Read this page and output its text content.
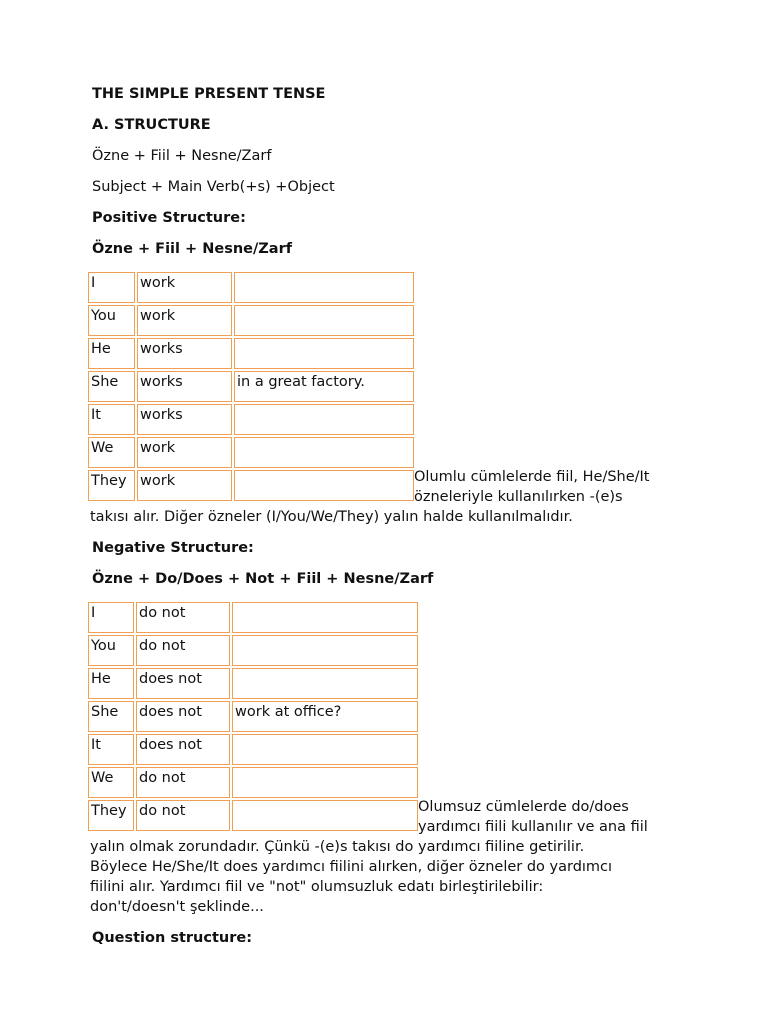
THE SIMPLE PRESENT TENSE

A. STRUCTURE

Özne + Fiil + Nesne/Zarf

Subject + Main Verb(+s) +Object

Positive Structure:

Özne + Fiil + Nesne/Zarf

I	work	
You	work	
He	works	
She	works	in a great factory.
It	works	
We	work	
They	work		Olumlu cümlelerde fiil, He/She/It
özneleriyle kullanılırken -(e)s

takısı alır. Diğer özneler (I/You/We/They) yalın halde kullanılmalıdır.

Negative Structure:

Özne + Do/Does + Not + Fiil + Nesne/Zarf

I	do not	
You	do not	
He	does not	
She	does not	work at office?
It	does not	
We	do not	
They	do not		Olumsuz cümlelerde do/does
yardımcı fiili kullanılır ve ana fiil

yalın olmak zorundadır. Çünkü -(e)s takısı do yardımcı fiiline getirilir.

Böylece He/She/It does yardımcı fiilini alırken, diğer özneler do yardımcı

fiilini alır. Yardımcı fiil ve "not" olumsuzluk edatı birleştirilebilir:

don't/doesn't şeklinde...

Question structure:
